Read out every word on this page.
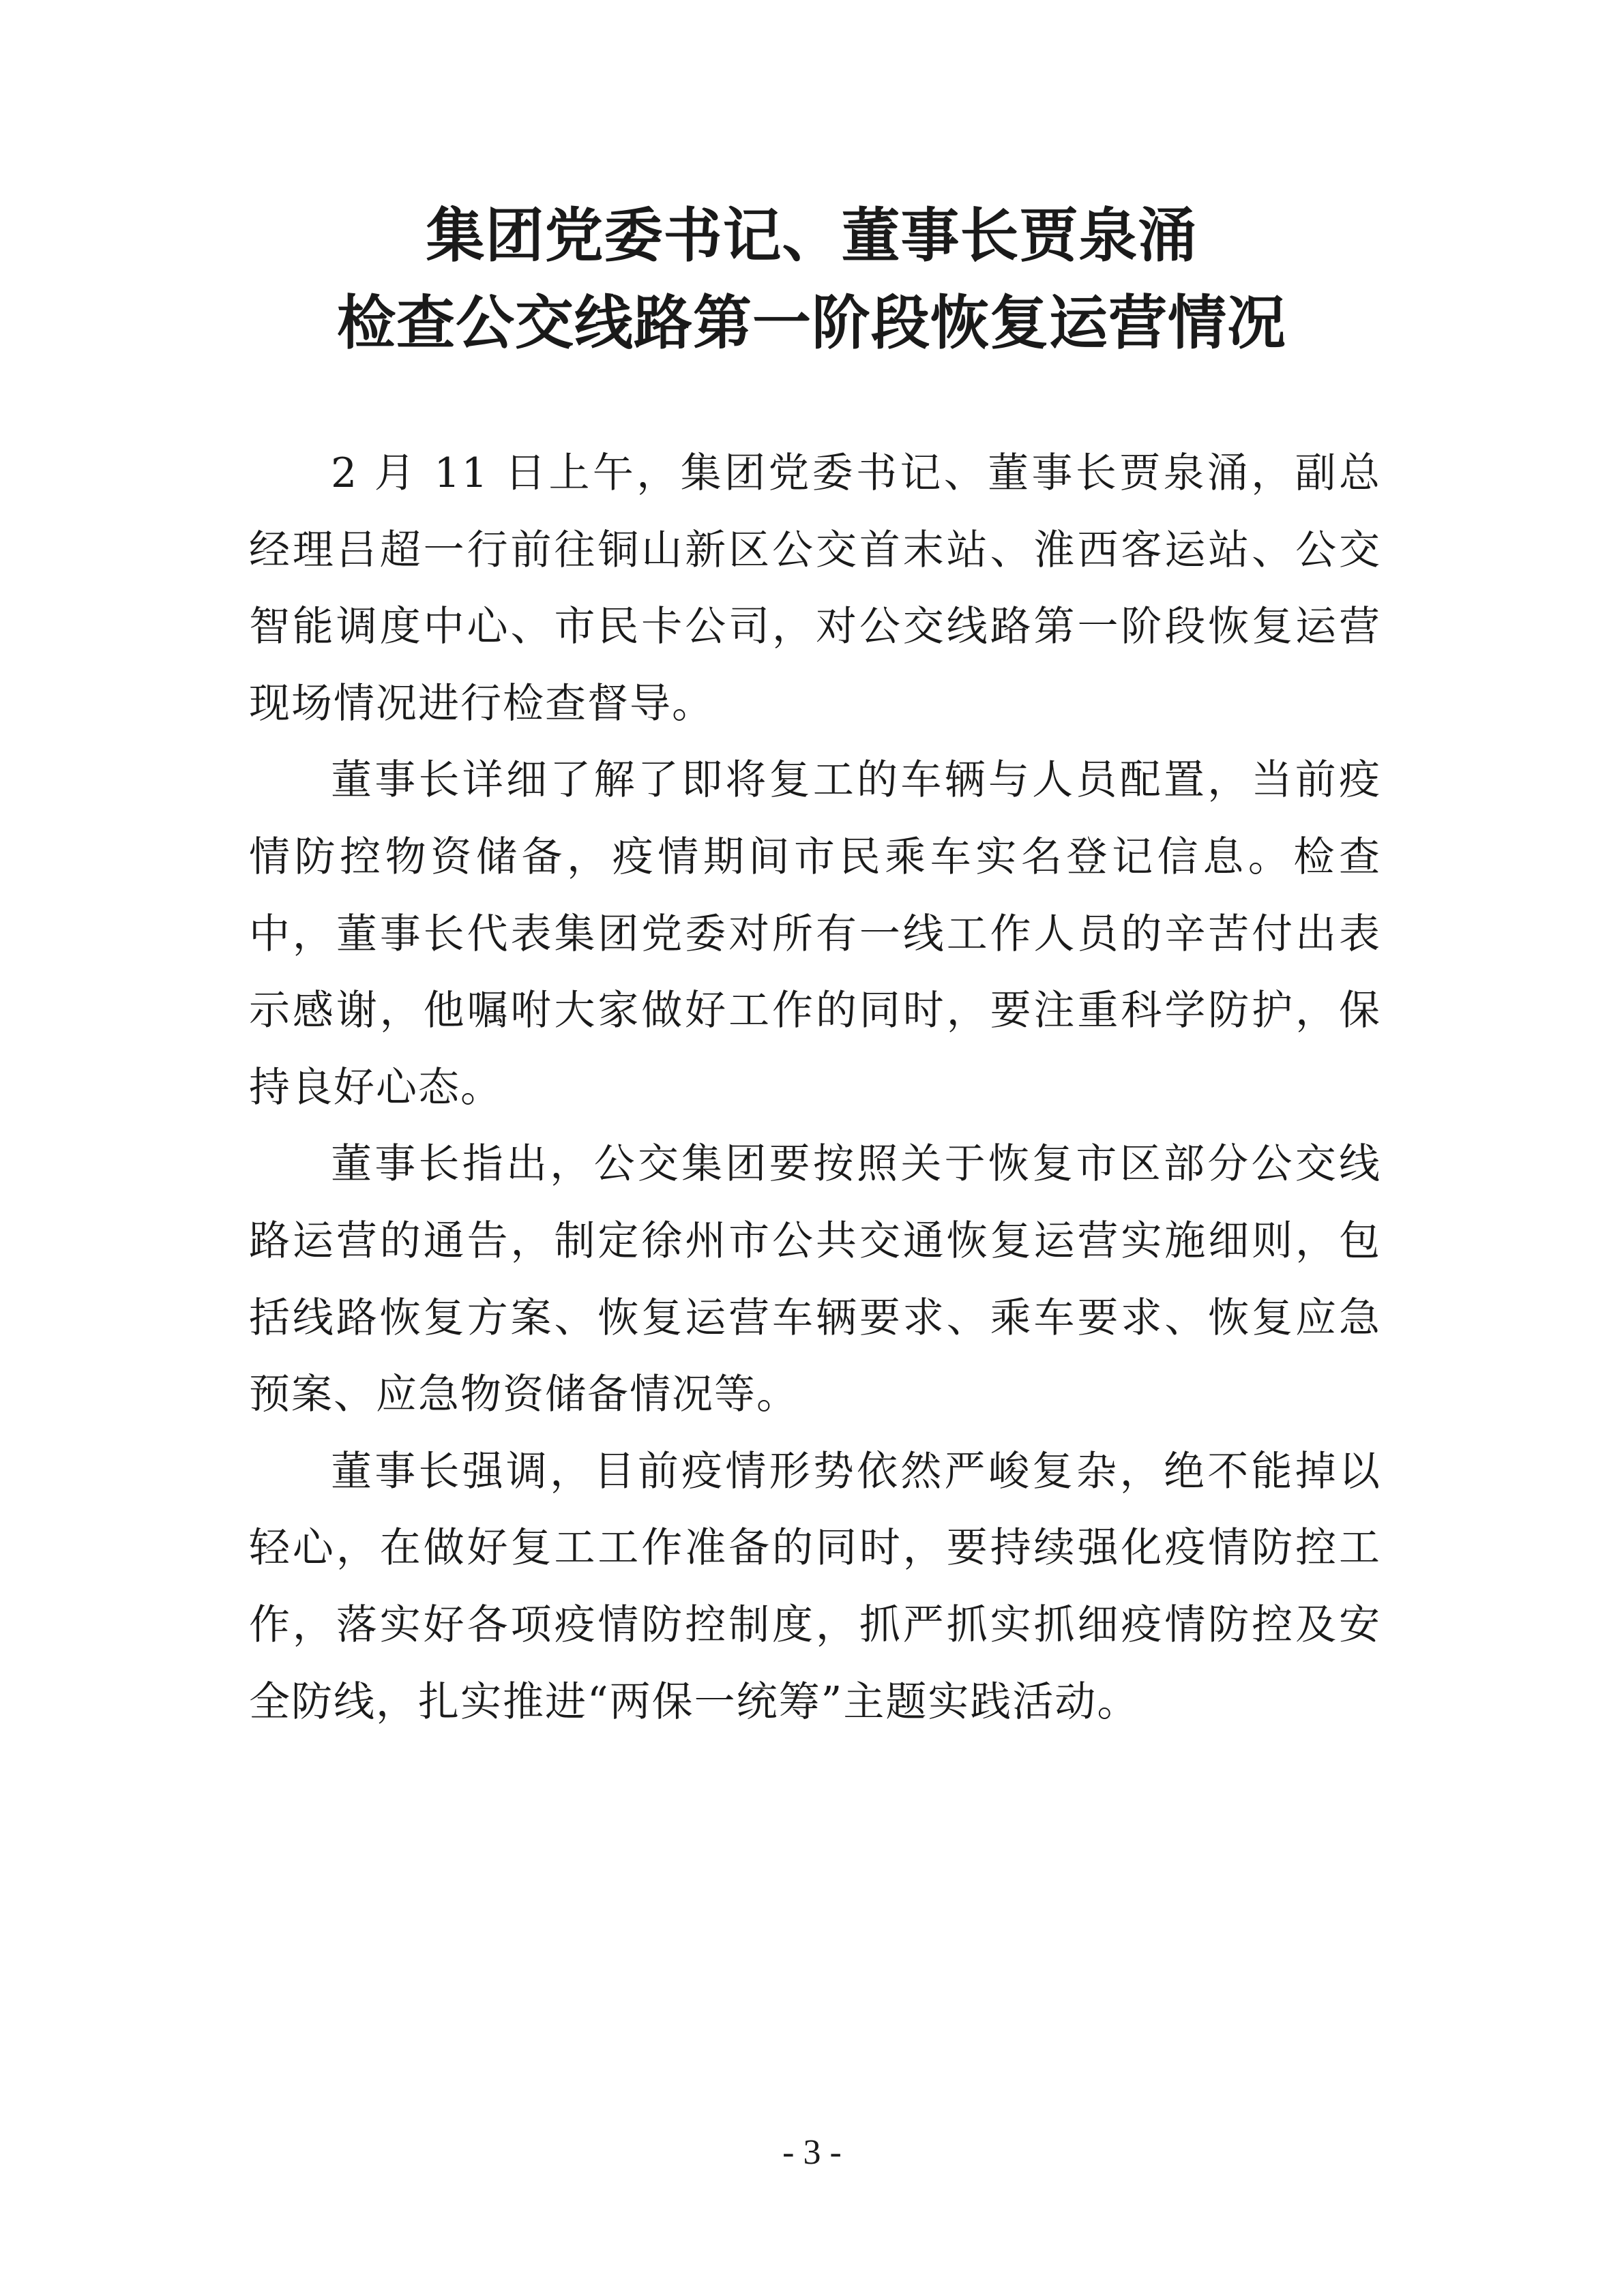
集团党委书记、董事长贾泉涌
检查公交线路第一阶段恢复运营情况

2 月 11 日上午，集团党委书记、董事长贾泉涌，副总经理吕超一行前往铜山新区公交首末站、淮西客运站、公交智能调度中心、市民卡公司，对公交线路第一阶段恢复运营现场情况进行检查督导。

董事长详细了解了即将复工的车辆与人员配置，当前疫情防控物资储备，疫情期间市民乘车实名登记信息。检查中，董事长代表集团党委对所有一线工作人员的辛苦付出表示感谢，他嘱咐大家做好工作的同时，要注重科学防护，保持良好心态。

董事长指出，公交集团要按照关于恢复市区部分公交线路运营的通告，制定徐州市公共交通恢复运营实施细则，包括线路恢复方案、恢复运营车辆要求、乘车要求、恢复应急预案、应急物资储备情况等。

董事长强调，目前疫情形势依然严峻复杂，绝不能掉以轻心，在做好复工工作准备的同时，要持续强化疫情防控工作，落实好各项疫情防控制度，抓严抓实抓细疫情防控及安全防线，扎实推进“两保一统筹”主题实践活动。

- 3 -
